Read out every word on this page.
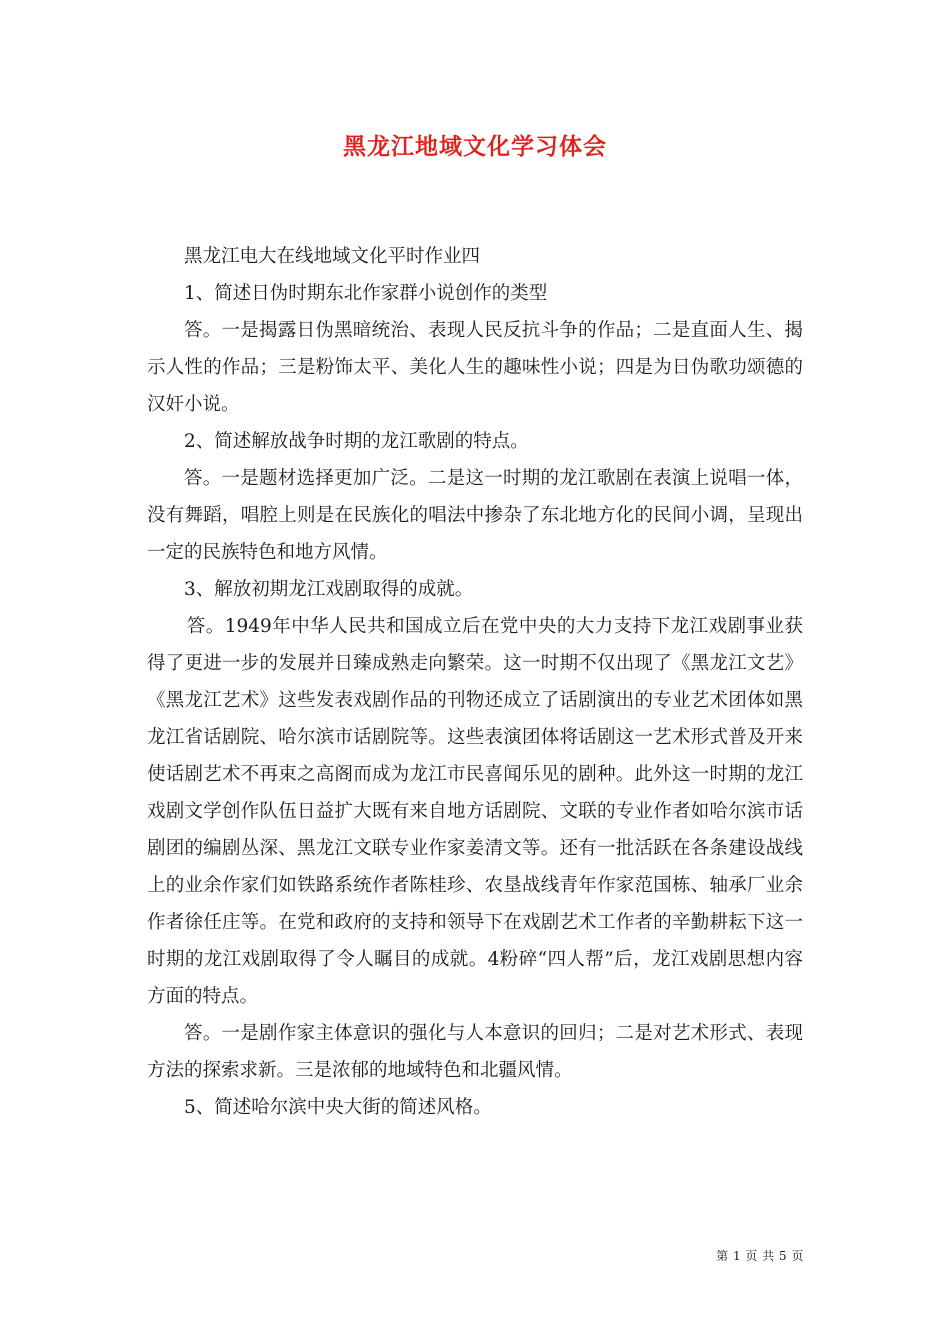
黑龙江地域文化学习体会

黑龙江电大在线地域文化平时作业四

1、简述日伪时期东北作家群小说创作的类型

答。一是揭露日伪黑暗统治、表现人民反抗斗争的作品；二是直面人生、揭示人性的作品；三是粉饰太平、美化人生的趣味性小说；四是为日伪歌功颂德的汉奸小说。

2、简述解放战争时期的龙江歌剧的特点。

答。一是题材选择更加广泛。二是这一时期的龙江歌剧在表演上说唱一体，没有舞蹈，唱腔上则是在民族化的唱法中掺杂了东北地方化的民间小调，呈现出一定的民族特色和地方风情。

3、解放初期龙江戏剧取得的成就。

答。1949年中华人民共和国成立后在党中央的大力支持下龙江戏剧事业获得了更进一步的发展并日臻成熟走向繁荣。这一时期不仅出现了《黑龙江文艺》《黑龙江艺术》这些发表戏剧作品的刊物还成立了话剧演出的专业艺术团体如黑龙江省话剧院、哈尔滨市话剧院等。这些表演团体将话剧这一艺术形式普及开来使话剧艺术不再束之高阁而成为龙江市民喜闻乐见的剧种。此外这一时期的龙江戏剧文学创作队伍日益扩大既有来自地方话剧院、文联的专业作者如哈尔滨市话剧团的编剧丛深、黑龙江文联专业作家姜清文等。还有一批活跃在各条建设战线上的业余作家们如铁路系统作者陈桂珍、农垦战线青年作家范国栋、轴承厂业余作者徐任庄等。在党和政府的支持和领导下在戏剧艺术工作者的辛勤耕耘下这一时期的龙江戏剧取得了令人瞩目的成就。4粉碎“四人帮”后，龙江戏剧思想内容方面的特点。

答。一是剧作家主体意识的强化与人本意识的回归；二是对艺术形式、表现方法的探索求新。三是浓郁的地域特色和北疆风情。

5、简述哈尔滨中央大街的简述风格。

第 1 页 共 5 页
